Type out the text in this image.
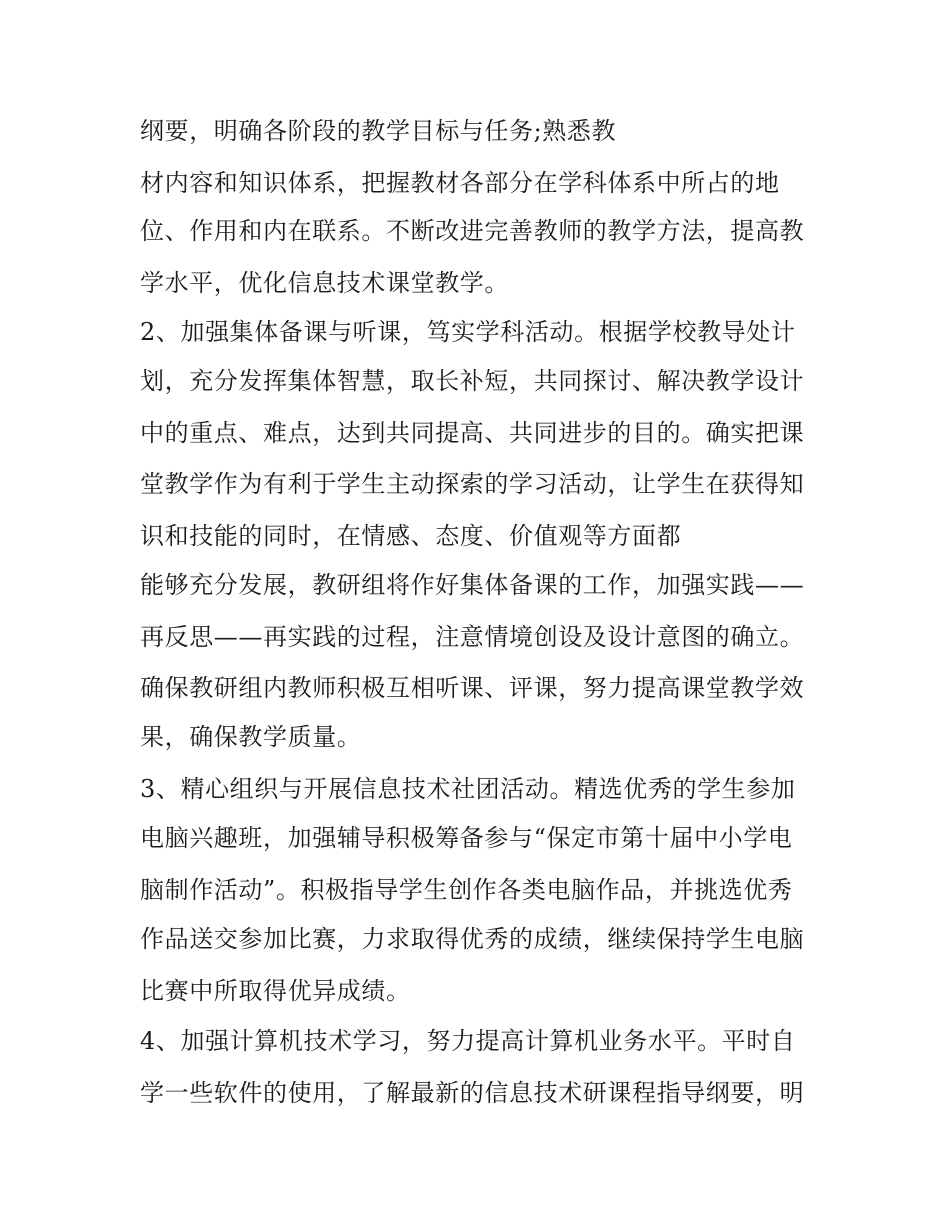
纲要，明确各阶段的教学目标与任务;熟悉教
材内容和知识体系，把握教材各部分在学科体系中所占的地
位、作用和内在联系。不断改进完善教师的教学方法，提高教
学水平，优化信息技术课堂教学。
2、加强集体备课与听课，笃实学科活动。根据学校教导处计
划，充分发挥集体智慧，取长补短，共同探讨、解决教学设计
中的重点、难点，达到共同提高、共同进步的目的。确实把课
堂教学作为有利于学生主动探索的学习活动，让学生在获得知
识和技能的同时，在情感、态度、价值观等方面都
能够充分发展，教研组将作好集体备课的工作，加强实践——
再反思——再实践的过程，注意情境创设及设计意图的确立。
确保教研组内教师积极互相听课、评课，努力提高课堂教学效
果，确保教学质量。
3、精心组织与开展信息技术社团活动。精选优秀的学生参加
电脑兴趣班，加强辅导积极筹备参与“保定市第十届中小学电
脑制作活动”。积极指导学生创作各类电脑作品，并挑选优秀
作品送交参加比赛，力求取得优秀的成绩，继续保持学生电脑
比赛中所取得优异成绩。
4、加强计算机技术学习，努力提高计算机业务水平。平时自
学一些软件的使用，了解最新的信息技术研课程指导纲要，明
